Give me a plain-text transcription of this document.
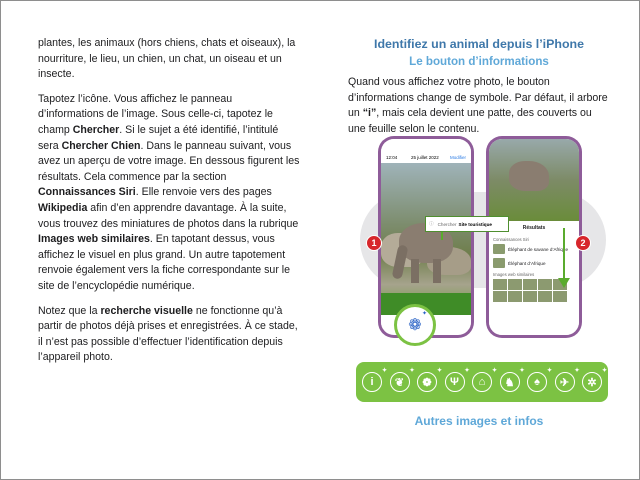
plantes, les animaux (hors chiens, chats et oiseaux), la nourriture, le lieu, un chien, un chat, un oiseau et un insecte.

Tapotez l’icône. Vous affichez le panneau d’informations de l’image. Sous celle-ci, tapotez le champ Chercher. Si le sujet a été identifié, l’intitulé sera Chercher Chien. Dans le panneau suivant, vous avez un aperçu de votre image. En dessous figurent les résultats. Cela commence par la section Connaissances Siri. Elle renvoie vers des pages Wikipedia afin d’en apprendre davantage. À la suite, vous trouvez des miniatures de photos dans la rubrique Images web similaires. En tapotant dessus, vous affichez le visuel en plus grand. Un autre tapotement renvoie également vers la fiche correspondante sur le site de l’encyclopédie numérique.

Notez que la recherche visuelle ne fonctionne qu’à partir de photos déjà prises et enregistrées. À ce stade, il n’est pas possible d’effectuer l’identification depuis l’appareil photo.

Identifiez un animal depuis l’iPhone
Le bouton d’informations

Quand vous affichez votre photo, le bouton d’informations change de symbole. Par défaut, il arbore un “i”, mais cela devient une patte, des couverts ou une feuille selon le contenu.

12:04	25 juillet 2022 Modifier
Résultats
Connaissances Siri
Éléphant de savane d’Afrique
Éléphant d’Afrique
Images web similaires
ⓘ Chercher Site touristique
1	2
❁
✦
i ✦	❦ ✦	❁ ✦	Ψ ✦	⌂ ✦	♞ ✦	♠ ✦	✈ ✦	✲ ✦
Autres images et infos
